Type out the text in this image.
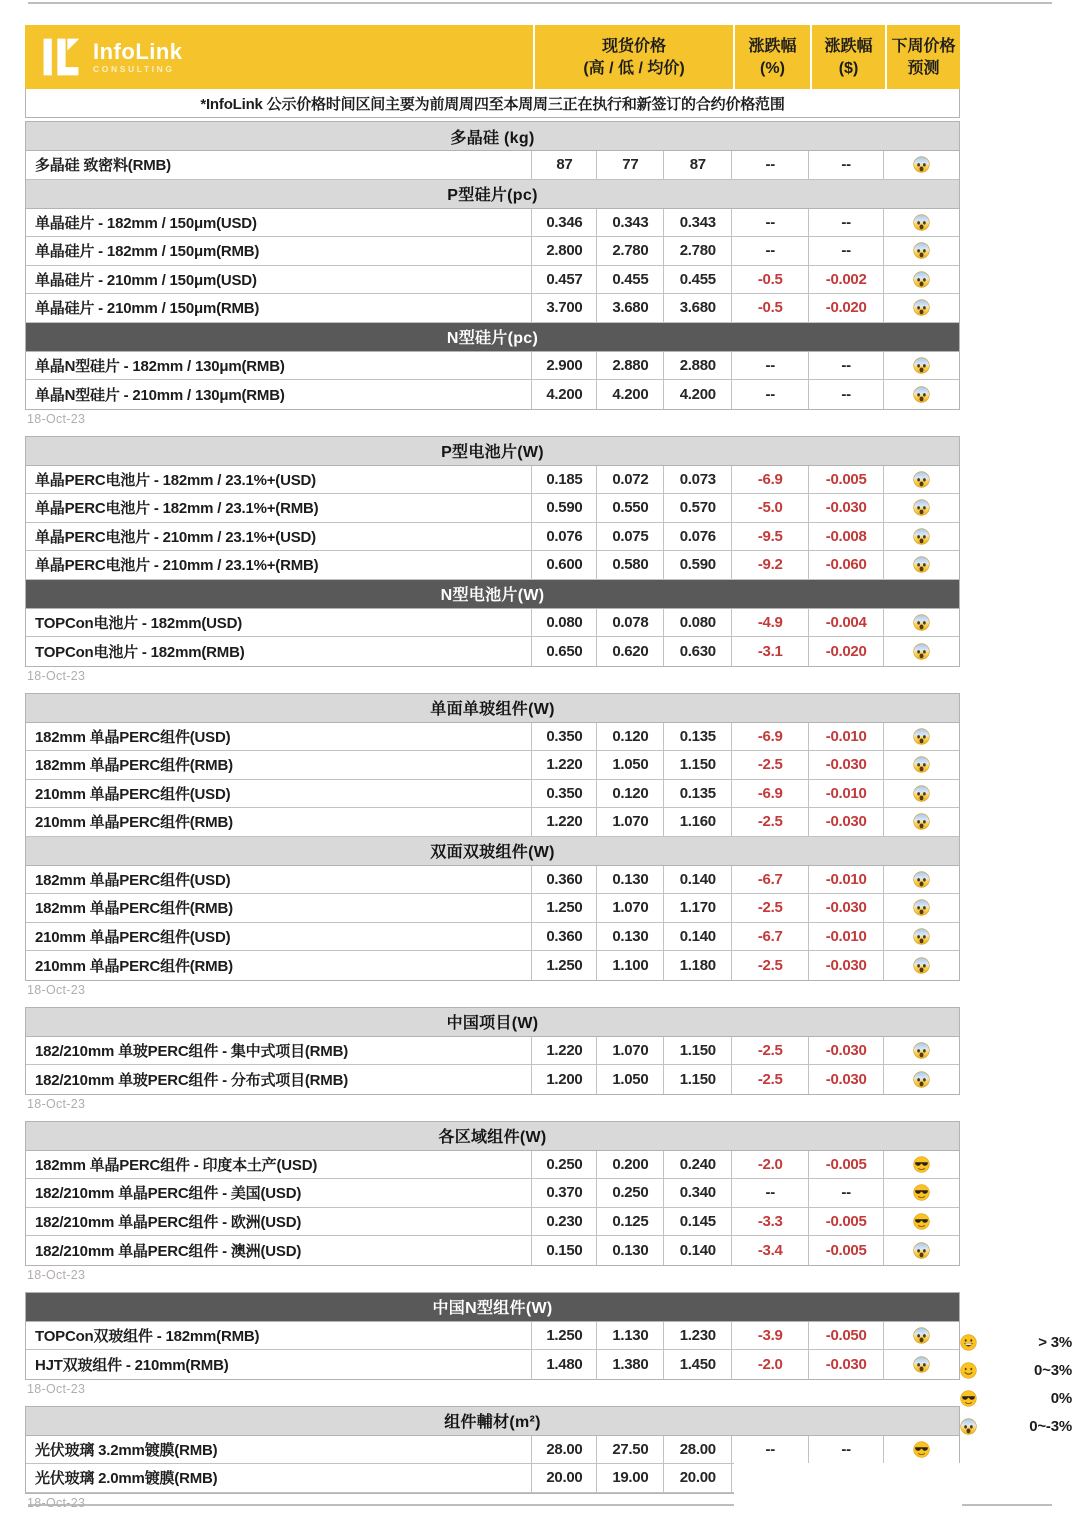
InfoLink
CONSULTING
现货价格
(高 / 低 / 均价)
涨跌幅
(%)
涨跌幅
($)
下周价格
预测
*InfoLink 公示价格时间区间主要为前周周四至本周周三正在执行和新签订的合约价格范围
多晶硅 (kg)
多晶硅 致密料(RMB)	87	77	87	--	--
P型硅片(pc)
单晶硅片 - 182mm / 150μm(USD)	0.346 0.343 0.343	--	--
单晶硅片 - 182mm / 150μm(RMB)	2.800 2.780 2.780	--	--
单晶硅片 - 210mm / 150μm(USD)	0.457 0.455 0.455	-0.5	-0.002
单晶硅片 - 210mm / 150μm(RMB)	3.700 3.680 3.680	-0.5	-0.020
N型硅片(pc)
单晶N型硅片 - 182mm / 130μm(RMB)	2.900 2.880 2.880	--	--
单晶N型硅片 - 210mm / 130μm(RMB)	4.200 4.200 4.200	--	--
18-Oct-23
P型电池片(W)
单晶PERC电池片 - 182mm / 23.1%+(USD)	0.185 0.072 0.073	-6.9	-0.005
单晶PERC电池片 - 182mm / 23.1%+(RMB)	0.590 0.550 0.570	-5.0	-0.030
单晶PERC电池片 - 210mm / 23.1%+(USD)	0.076 0.075 0.076	-9.5	-0.008
单晶PERC电池片 - 210mm / 23.1%+(RMB)	0.600 0.580 0.590	-9.2	-0.060
N型电池片(W)
TOPCon电池片 - 182mm(USD)	0.080 0.078 0.080	-4.9	-0.004
TOPCon电池片 - 182mm(RMB)	0.650 0.620 0.630	-3.1	-0.020
18-Oct-23
单面单玻组件(W)
182mm 单晶PERC组件(USD)	0.350 0.120 0.135	-6.9	-0.010
182mm 单晶PERC组件(RMB)	1.220 1.050 1.150	-2.5	-0.030
210mm 单晶PERC组件(USD)	0.350 0.120 0.135	-6.9	-0.010
210mm 单晶PERC组件(RMB)	1.220 1.070 1.160	-2.5	-0.030
双面双玻组件(W)
182mm 单晶PERC组件(USD)	0.360 0.130 0.140	-6.7	-0.010
182mm 单晶PERC组件(RMB)	1.250 1.070 1.170	-2.5	-0.030
210mm 单晶PERC组件(USD)	0.360 0.130 0.140	-6.7	-0.010
210mm 单晶PERC组件(RMB)	1.250 1.100 1.180	-2.5	-0.030
18-Oct-23
中国项目(W)
182/210mm 单玻PERC组件 - 集中式项目(RMB)	1.220 1.070 1.150	-2.5	-0.030
182/210mm 单玻PERC组件 - 分布式项目(RMB)	1.200 1.050 1.150	-2.5	-0.030
18-Oct-23
各区域组件(W)
182mm 单晶PERC组件 - 印度本土产(USD)	0.250 0.200 0.240	-2.0	-0.005
182/210mm 单晶PERC组件 - 美国(USD)	0.370 0.250 0.340	--	--
182/210mm 单晶PERC组件 - 欧洲(USD)	0.230 0.125 0.145	-3.3	-0.005
182/210mm 单晶PERC组件 - 澳洲(USD)	0.150 0.130 0.140	-3.4	-0.005
18-Oct-23
中国N型组件(W)
TOPCon双玻组件 - 182mm(RMB)	1.250 1.130 1.230	-3.9	-0.050
HJT双玻组件 - 210mm(RMB)	1.480 1.380 1.450	-2.0	-0.030
18-Oct-23
组件輔材(m²)
光伏玻璃 3.2mm镀膜(RMB)	28.00 27.50 28.00	--	--
光伏玻璃 2.0mm镀膜(RMB)	20.00 19.00 20.00
18-Oct-23
> 3%
0~3%
0%
0~-3%
